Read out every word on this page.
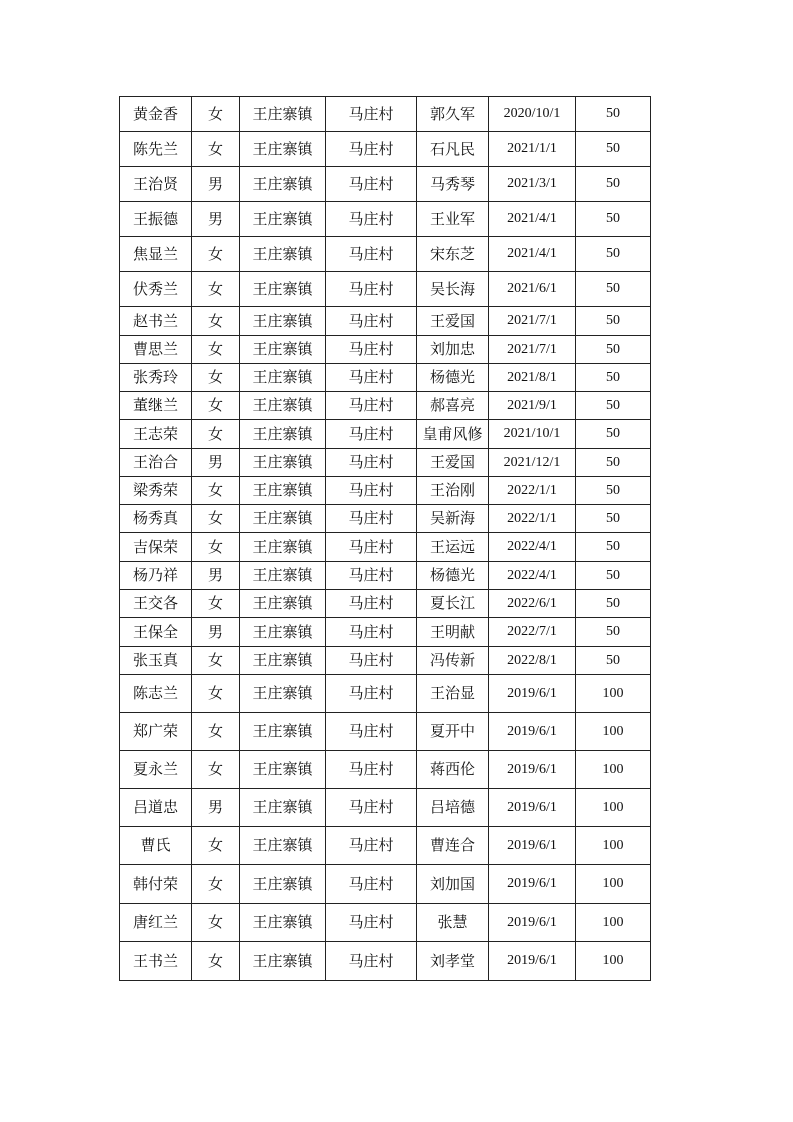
黄金香	女	王庄寨镇	马庄村	郭久军	2020/10/1	50
陈先兰	女	王庄寨镇	马庄村	石凡民	2021/1/1	50
王治贤	男	王庄寨镇	马庄村	马秀琴	2021/3/1	50
王振德	男	王庄寨镇	马庄村	王业军	2021/4/1	50
焦显兰	女	王庄寨镇	马庄村	宋东芝	2021/4/1	50
伏秀兰	女	王庄寨镇	马庄村	吴长海	2021/6/1	50
赵书兰	女	王庄寨镇	马庄村	王爱国	2021/7/1	50
曹思兰	女	王庄寨镇	马庄村	刘加忠	2021/7/1	50
张秀玲	女	王庄寨镇	马庄村	杨德光	2021/8/1	50
董继兰	女	王庄寨镇	马庄村	郝喜亮	2021/9/1	50
王志荣	女	王庄寨镇	马庄村	皇甫风修	2021/10/1	50
王治合	男	王庄寨镇	马庄村	王爱国	2021/12/1	50
梁秀荣	女	王庄寨镇	马庄村	王治刚	2022/1/1	50
杨秀真	女	王庄寨镇	马庄村	吴新海	2022/1/1	50
吉保荣	女	王庄寨镇	马庄村	王运远	2022/4/1	50
杨乃祥	男	王庄寨镇	马庄村	杨德光	2022/4/1	50
王交各	女	王庄寨镇	马庄村	夏长江	2022/6/1	50
王保全	男	王庄寨镇	马庄村	王明献	2022/7/1	50
张玉真	女	王庄寨镇	马庄村	冯传新	2022/8/1	50
陈志兰	女	王庄寨镇	马庄村	王治显	2019/6/1	100
郑广荣	女	王庄寨镇	马庄村	夏开中	2019/6/1	100
夏永兰	女	王庄寨镇	马庄村	蒋西伦	2019/6/1	100
吕道忠	男	王庄寨镇	马庄村	吕培德	2019/6/1	100
曹氏	女	王庄寨镇	马庄村	曹连合	2019/6/1	100
韩付荣	女	王庄寨镇	马庄村	刘加国	2019/6/1	100
唐红兰	女	王庄寨镇	马庄村	张慧	2019/6/1	100
王书兰	女	王庄寨镇	马庄村	刘孝堂	2019/6/1	100
